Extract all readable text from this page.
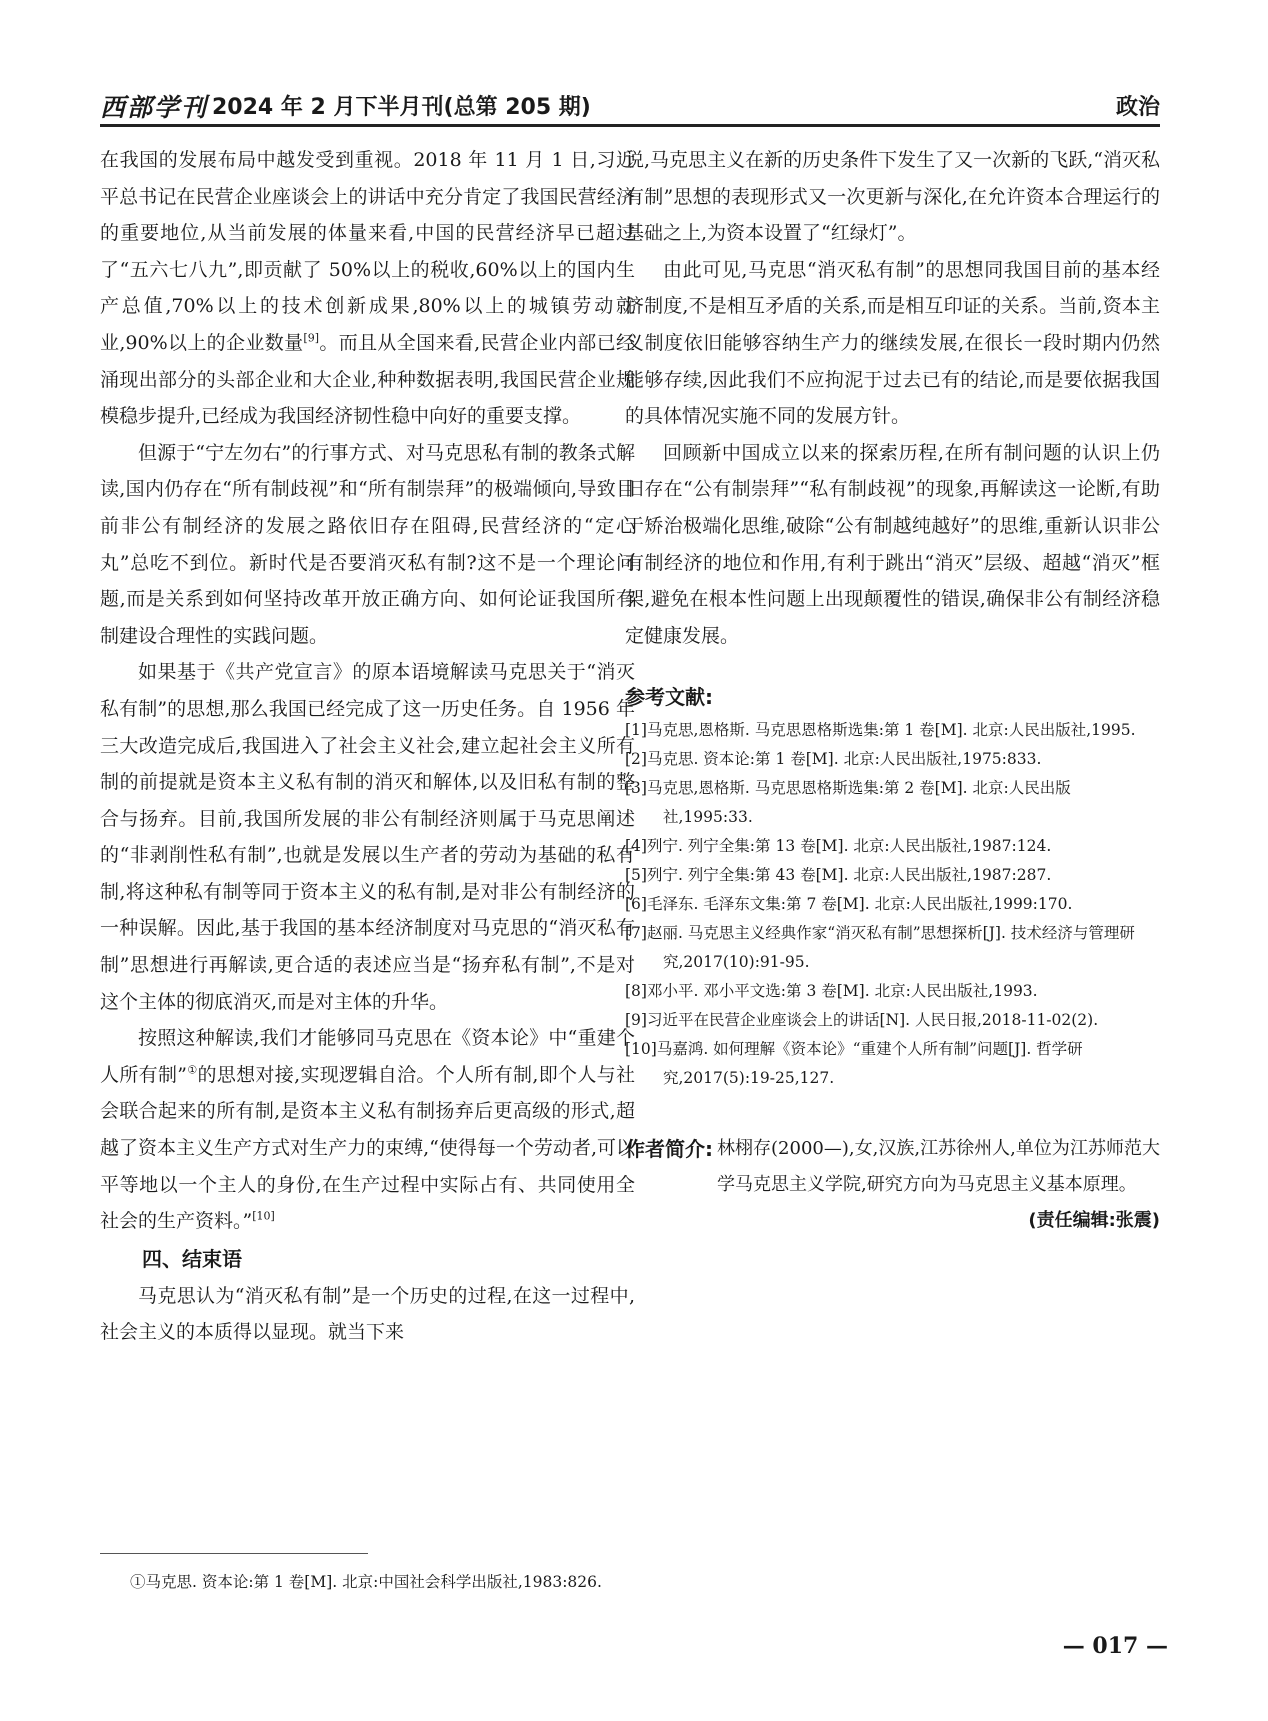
西部学刊 2024 年 2 月下半月刊(总第 205 期)	政治

在我国的发展布局中越发受到重视。2018 年 11 月 1 日,习近平总书记在民营企业座谈会上的讲话中充分肯定了我国民营经济的重要地位,从当前发展的体量来看,中国的民营经济早已超过了“五六七八九”,即贡献了 50%以上的税收,60%以上的国内生产总值,70%以上的技术创新成果,80%以上的城镇劳动就业,90%以上的企业数量[9]。而且从全国来看,民营企业内部已经涌现出部分的头部企业和大企业,种种数据表明,我国民营企业规模稳步提升,已经成为我国经济韧性稳中向好的重要支撑。

但源于“宁左勿右”的行事方式、对马克思私有制的教条式解读,国内仍存在“所有制歧视”和“所有制崇拜”的极端倾向,导致目前非公有制经济的发展之路依旧存在阻碍,民营经济的“定心丸”总吃不到位。新时代是否要消灭私有制?这不是一个理论问题,而是关系到如何坚持改革开放正确方向、如何论证我国所有制建设合理性的实践问题。

如果基于《共产党宣言》的原本语境解读马克思关于“消灭私有制”的思想,那么我国已经完成了这一历史任务。自 1956 年三大改造完成后,我国进入了社会主义社会,建立起社会主义所有制的前提就是资本主义私有制的消灭和解体,以及旧私有制的整合与扬弃。目前,我国所发展的非公有制经济则属于马克思阐述的“非剥削性私有制”,也就是发展以生产者的劳动为基础的私有制,将这种私有制等同于资本主义的私有制,是对非公有制经济的一种误解。因此,基于我国的基本经济制度对马克思的“消灭私有制”思想进行再解读,更合适的表述应当是“扬弃私有制”,不是对这个主体的彻底消灭,而是对主体的升华。

按照这种解读,我们才能够同马克思在《资本论》中“重建个人所有制”①的思想对接,实现逻辑自洽。个人所有制,即个人与社会联合起来的所有制,是资本主义私有制扬弃后更高级的形式,超越了资本主义生产方式对生产力的束缚,“使得每一个劳动者,可以平等地以一个主人的身份,在生产过程中实际占有、共同使用全社会的生产资料。”[10]

四、结束语

马克思认为“消灭私有制”是一个历史的过程,在这一过程中,社会主义的本质得以显现。就当下来

说,马克思主义在新的历史条件下发生了又一次新的飞跃,“消灭私有制”思想的表现形式又一次更新与深化,在允许资本合理运行的基础之上,为资本设置了“红绿灯”。

由此可见,马克思“消灭私有制”的思想同我国目前的基本经济制度,不是相互矛盾的关系,而是相互印证的关系。当前,资本主义制度依旧能够容纳生产力的继续发展,在很长一段时期内仍然能够存续,因此我们不应拘泥于过去已有的结论,而是要依据我国的具体情况实施不同的发展方针。

回顾新中国成立以来的探索历程,在所有制问题的认识上仍旧存在“公有制崇拜”“私有制歧视”的现象,再解读这一论断,有助于矫治极端化思维,破除“公有制越纯越好”的思维,重新认识非公有制经济的地位和作用,有利于跳出“消灭”层级、超越“消灭”框架,避免在根本性问题上出现颠覆性的错误,确保非公有制经济稳定健康发展。

参考文献:
[1]马克思,恩格斯. 马克思恩格斯选集:第 1 卷[M]. 北京:人民出版社,1995.
[2]马克思. 资本论:第 1 卷[M]. 北京:人民出版社,1975:833.
[3]马克思,恩格斯. 马克思恩格斯选集:第 2 卷[M]. 北京:人民出版社,1995:33.
[4]列宁. 列宁全集:第 13 卷[M]. 北京:人民出版社,1987:124.
[5]列宁. 列宁全集:第 43 卷[M]. 北京:人民出版社,1987:287.
[6]毛泽东. 毛泽东文集:第 7 卷[M]. 北京:人民出版社,1999:170.
[7]赵丽. 马克思主义经典作家“消灭私有制”思想探析[J]. 技术经济与管理研究,2017(10):91-95.
[8]邓小平. 邓小平文选:第 3 卷[M]. 北京:人民出版社,1993.
[9]习近平在民营企业座谈会上的讲话[N]. 人民日报,2018-11-02(2).
[10]马嘉鸿. 如何理解《资本论》“重建个人所有制”问题[J]. 哲学研究,2017(5):19-25,127.
作者简介: 林栩存(2000—),女,汉族,江苏徐州人,单位为江苏师范大学马克思主义学院,研究方向为马克思主义基本原理。
(责任编辑:张震)
①马克思. 资本论:第 1 卷[M]. 北京:中国社会科学出版社,1983:826.
— 017 —
